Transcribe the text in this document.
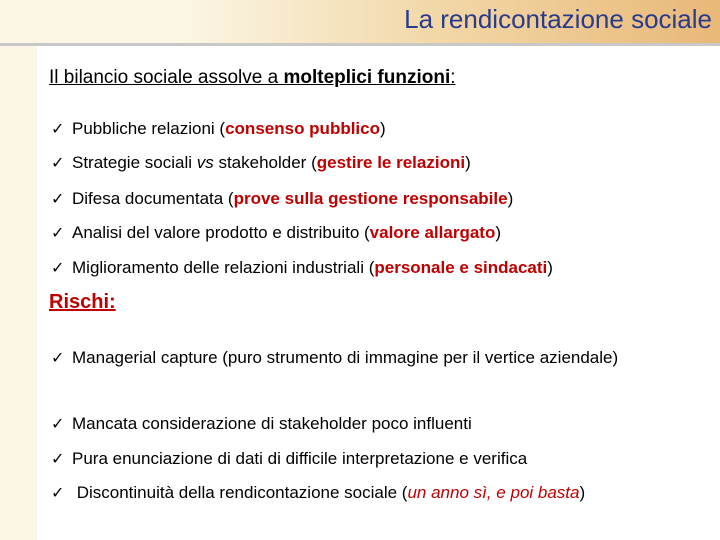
La rendicontazione sociale
Il bilancio sociale assolve a molteplici funzioni:
✓ Pubbliche relazioni (consenso pubblico)
✓ Strategie sociali vs stakeholder (gestire le relazioni)
✓ Difesa documentata (prove sulla gestione responsabile)
✓ Analisi del valore prodotto e distribuito (valore allargato)
✓ Miglioramento delle relazioni industriali (personale e sindacati)
Rischi:
✓ Managerial capture (puro strumento di immagine per il vertice aziendale)
✓ Mancata considerazione di stakeholder poco influenti
✓ Pura enunciazione di dati di difficile interpretazione e verifica
✓ Discontinuità della rendicontazione sociale (un anno sì, e poi basta)
